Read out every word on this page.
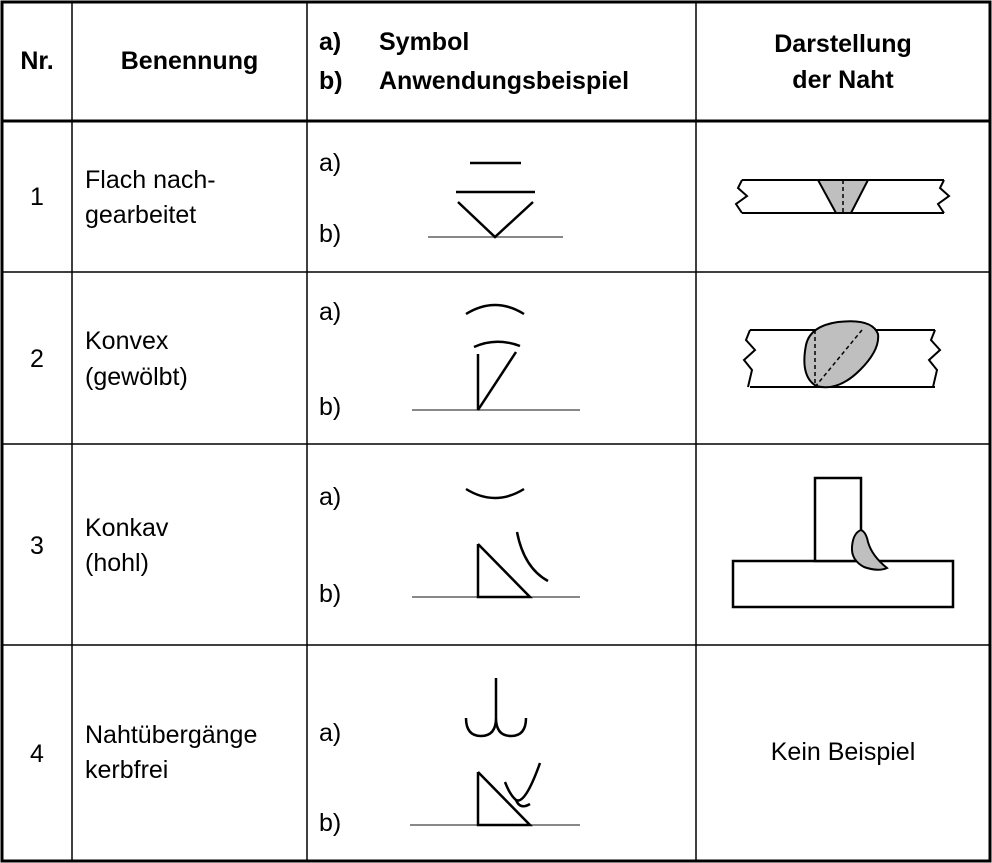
Nr.	Benennung
a) Symbol
b) Anwendungsbeispiel
Darstellung
der Naht
1
Flach nach-
gearbeitet
a)
b)
2
Konvex
(gewölbt)
a)
b)
3
Konkav
(hohl)
a)
b)
4
Nahtübergänge
kerbfrei
a)
b)
Kein Beispiel
